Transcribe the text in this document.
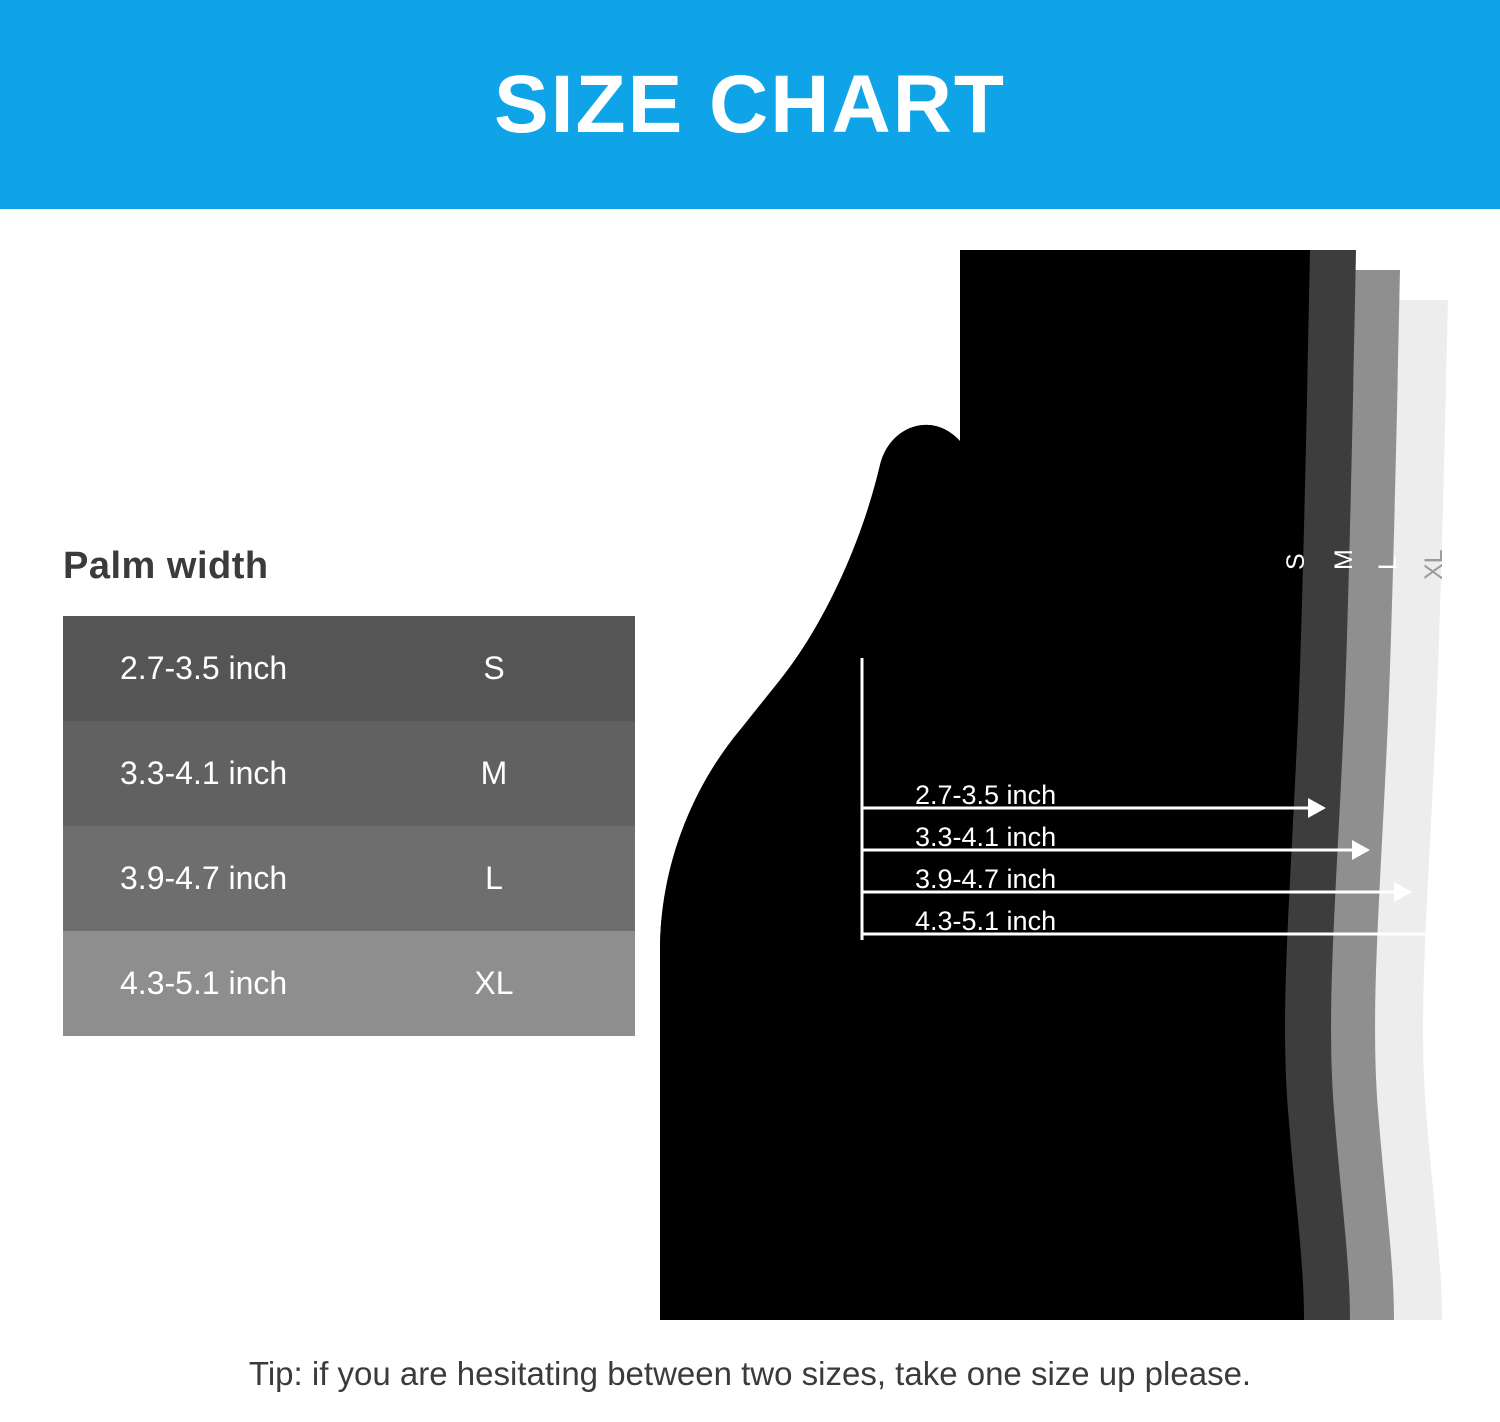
SIZE CHART
Palm width
2.7-3.5 inch	S
3.3-4.1 inch	M
3.9-4.7 inch	L
4.3-5.1 inch	XL
2.7-3.5 inch
3.3-4.1 inch
3.9-4.7 inch
4.3-5.1 inch
S M L XL
Tip: if you are hesitating between two sizes, take one size up please.
